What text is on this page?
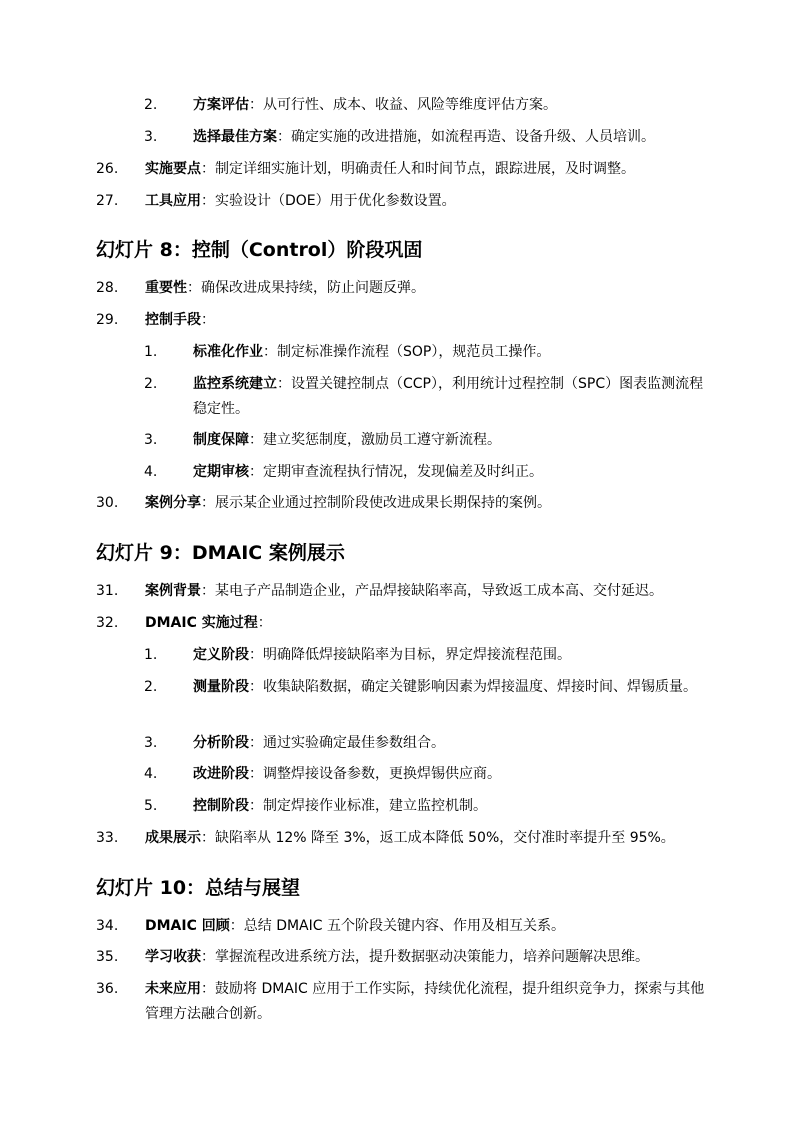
2.	方案评估：从可行性、成本、收益、风险等维度评估方案。
3.	选择最佳方案：确定实施的改进措施，如流程再造、设备升级、人员培训。
26.	实施要点：制定详细实施计划，明确责任人和时间节点，跟踪进展，及时调整。
27.	工具应用：实验设计（DOE）用于优化参数设置。
幻灯片 8：控制（Control）阶段巩固
28.	重要性：确保改进成果持续，防止问题反弹。
29.	控制手段：
1.	标准化作业：制定标准操作流程（SOP），规范员工操作。
2.	监控系统建立：设置关键控制点（CCP），利用统计过程控制（SPC）图表监测流程稳定性。
3.	制度保障：建立奖惩制度，激励员工遵守新流程。
4.	定期审核：定期审查流程执行情况，发现偏差及时纠正。
30.	案例分享：展示某企业通过控制阶段使改进成果长期保持的案例。
幻灯片 9：DMAIC 案例展示
31.	案例背景：某电子产品制造企业，产品焊接缺陷率高，导致返工成本高、交付延迟。
32.	DMAIC 实施过程：
1.	定义阶段：明确降低焊接缺陷率为目标，界定焊接流程范围。
2.	测量阶段：收集缺陷数据，确定关键影响因素为焊接温度、焊接时间、焊锡质量。
3.	分析阶段：通过实验确定最佳参数组合。
4.	改进阶段：调整焊接设备参数，更换焊锡供应商。
5.	控制阶段：制定焊接作业标准，建立监控机制。
33.	成果展示：缺陷率从 12% 降至 3%，返工成本降低 50%，交付准时率提升至 95%。
幻灯片 10：总结与展望
34.	DMAIC 回顾：总结 DMAIC 五个阶段关键内容、作用及相互关系。
35.	学习收获：掌握流程改进系统方法，提升数据驱动决策能力，培养问题解决思维。
36.	未来应用：鼓励将 DMAIC 应用于工作实际，持续优化流程，提升组织竞争力，探索与其他管理方法融合创新。
